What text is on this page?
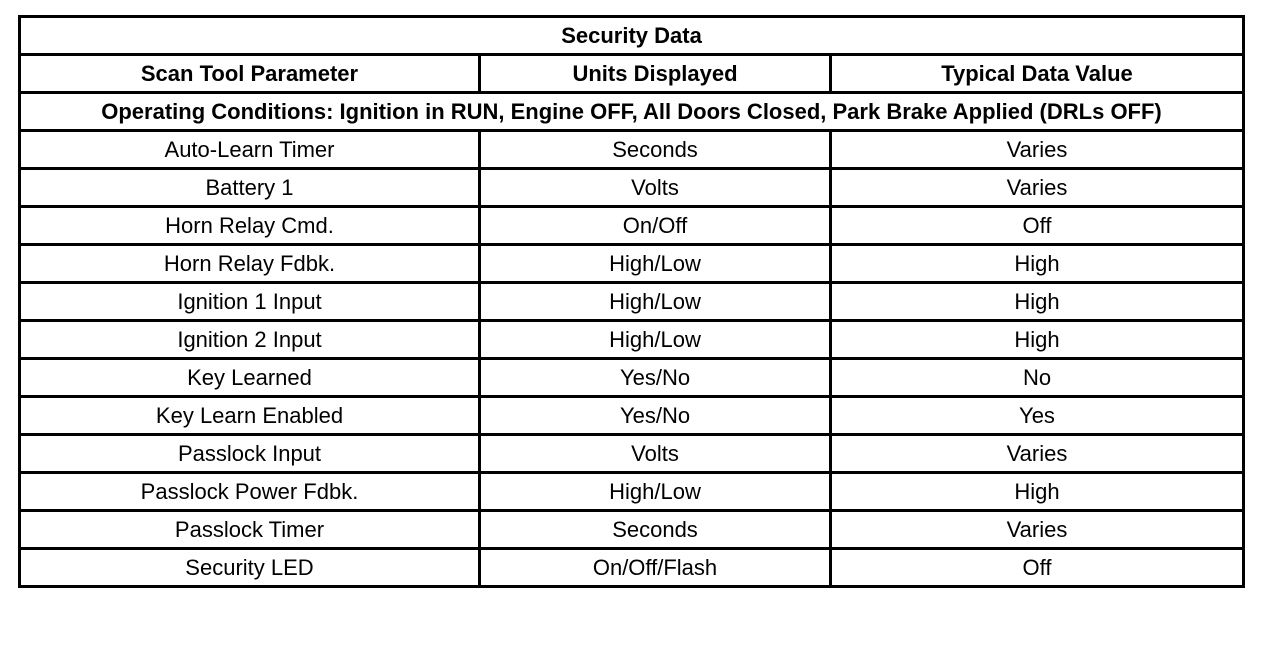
Security Data		
Scan Tool Parameter	Units Displayed	Typical Data Value
Operating Conditions: Ignition in RUN, Engine OFF, All Doors Closed, Park Brake Applied (DRLs OFF)		
Auto-Learn Timer	Seconds	Varies
Battery 1	Volts	Varies
Horn Relay Cmd.	On/Off	Off
Horn Relay Fdbk.	High/Low	High
Ignition 1 Input	High/Low	High
Ignition 2 Input	High/Low	High
Key Learned	Yes/No	No
Key Learn Enabled	Yes/No	Yes
Passlock Input	Volts	Varies
Passlock Power Fdbk.	High/Low	High
Passlock Timer	Seconds	Varies
Security LED	On/Off/Flash	Off
